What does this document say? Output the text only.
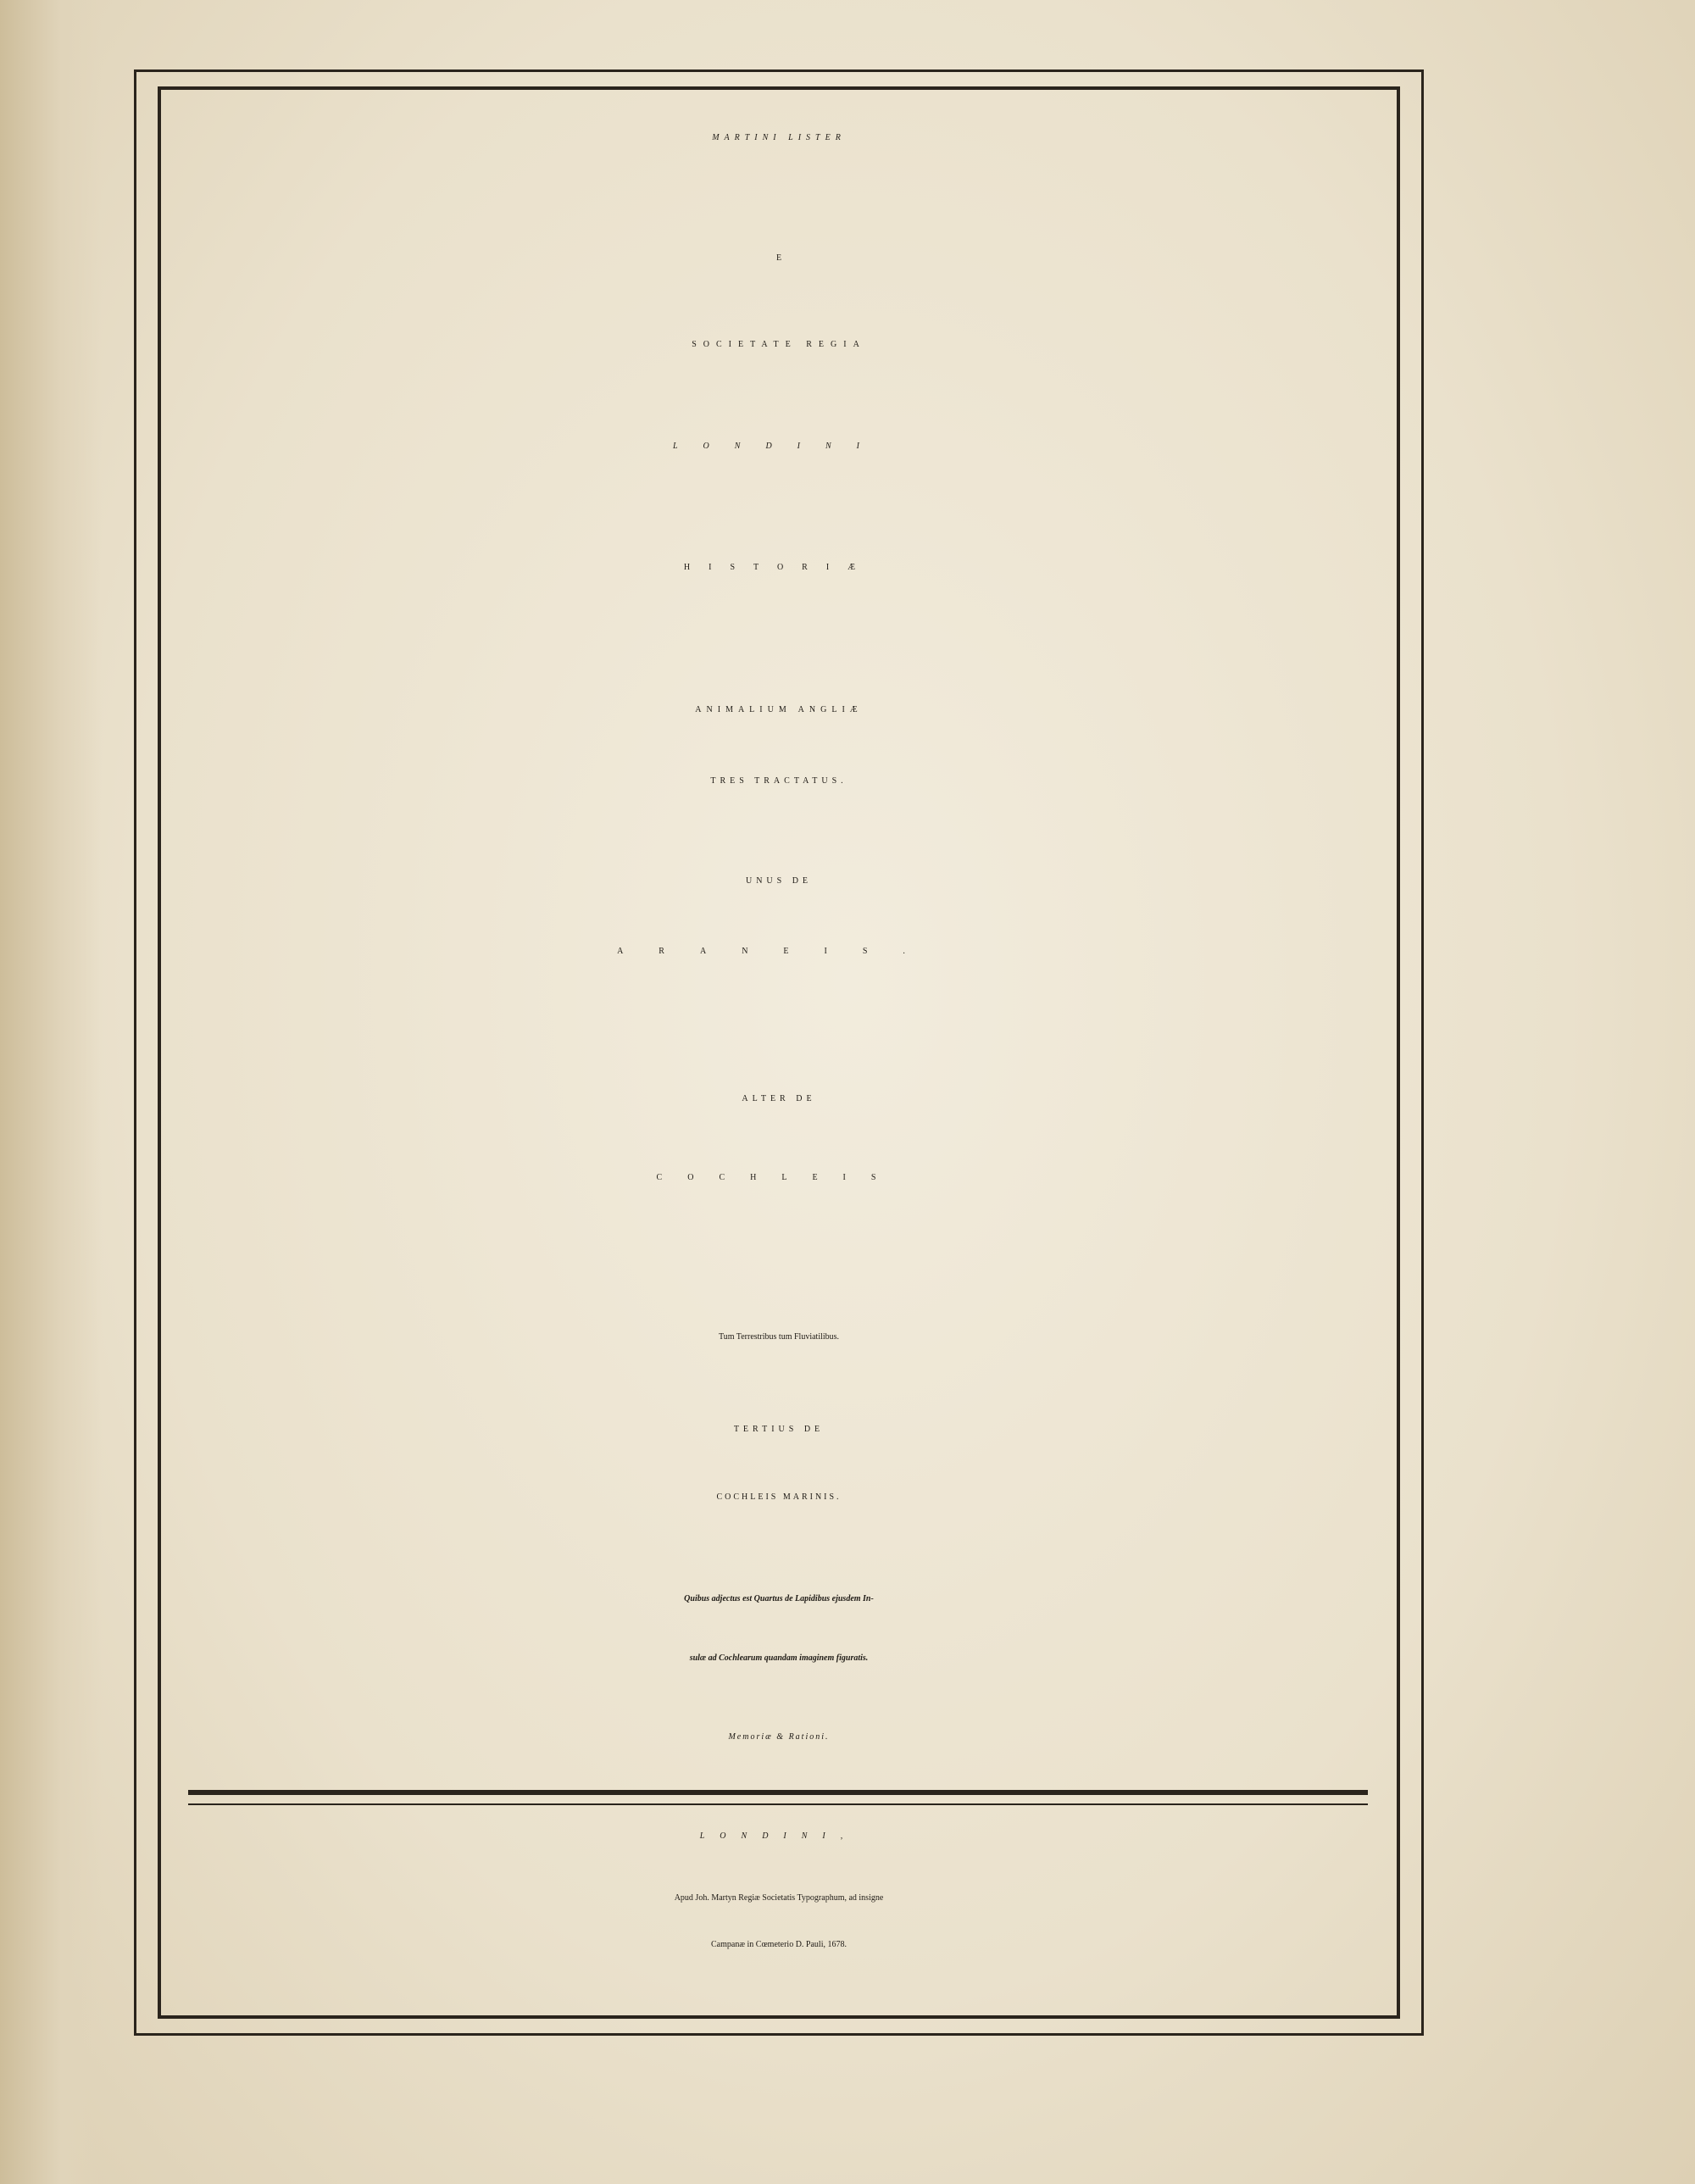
MARTINI LISTER
E
SOCIETATE REGIA
LONDINI
HISTORIÆ
ANIMALIUM ANGLIÆ
TRES TRACTATUS.
UNUS DE
ARANEIS.
ALTER DE
COCHLEIS
Tum Terrestribus tum Fluviatilibus.
TERTIUS DE
COCHLEIS MARINIS.
Quibus adjectus est Quartus de Lapidibus ejusdem In-
sulæ ad Cochlearum quandam imaginem figuratis.
Memoriæ & Rationi.
LONDINI,
Apud Joh. Martyn Regiæ Societatis Typographum, ad insigne
Campanæ in Cœmeterio D. Pauli, 1678.
